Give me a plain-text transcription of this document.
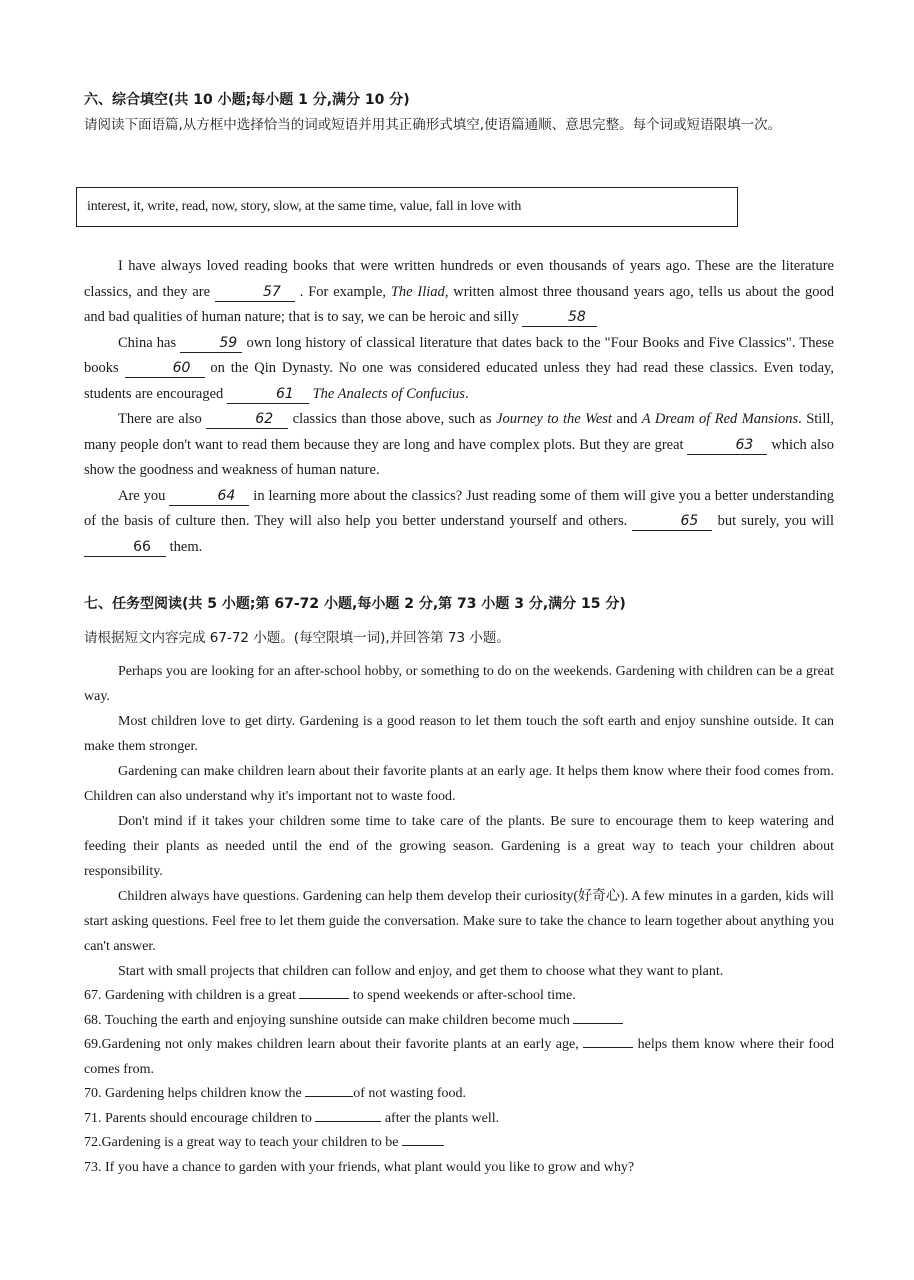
六、综合填空(共 10 小题;每小题 1 分,满分 10 分)
请阅读下面语篇,从方框中选择恰当的词或短语并用其正确形式填空,使语篇通顺、意思完整。每个词或短语限填一次。
interest,
it,
write,
read,
now,
story,
slow,
at the same time,
value,
fall in love with

I have always loved reading books that were written hundreds or even thousands of years ago. These are the literature classics, and they are	57 . For example, The Iliad, written almost three thousand years ago, tells us about the good and bad qualities of human nature; that is to say, we can be heroic and silly	58

China has	59 own long history of classical literature that dates back to the "Four Books and Five Classics". These books	60 on the Qin Dynasty. No one was considered educated unless they had read these classics. Even today, students are encouraged	61 The Analects of Confucius.

There are also	62 classics than those above, such as Journey to the West and A Dream of Red Mansions. Still, many people don't want to read them because they are long and have complex plots. But they are great	63 which also show the goodness and weakness of human nature.

Are you	64 in learning more about the classics? Just reading some of them will give you a better understanding of the basis of culture then. They will also help you better understand yourself and others.	65 but surely, you will 66 them.

七、任务型阅读(共 5 小题;第 67-72 小题,每小题 2 分,第 73 小题 3 分,满分 15 分)
请根据短文内容完成 67-72 小题。(每空限填一词),并回答第 73 小题。

Perhaps you are looking for an after-school hobby, or something to do on the weekends. Gardening with children can be a great way.

Most children love to get dirty. Gardening is a good reason to let them touch the soft earth and enjoy sunshine outside. It can make them stronger.

Gardening can make children learn about their favorite plants at an early age. It helps them know where their food comes from. Children can also understand why it's important not to waste food.

Don't mind if it takes your children some time to take care of the plants. Be sure to encourage them to keep watering and feeding their plants as needed until the end of the growing season. Gardening is a great way to teach your children about responsibility.

Children always have questions. Gardening can help them develop their curiosity(好奇心). A few minutes in a garden, kids will start asking questions. Feel free to let them guide the conversation. Make sure to take the chance to learn together about anything you can't answer.

Start with small projects that children can follow and enjoy, and get them to choose what they want to plant.

67. Gardening with children is a great	to spend weekends or after-school time.
68. Touching the earth and enjoying sunshine outside can make children become much
69.Gardening not only makes children learn about their favorite plants at an early age,	helps them know where their food comes from.
70. Gardening helps children know the	of not wasting food.
71. Parents should encourage children to	after the plants well.
72.Gardening is a great way to teach your children to be
73. If you have a chance to garden with your friends, what plant would you like to grow and why?
